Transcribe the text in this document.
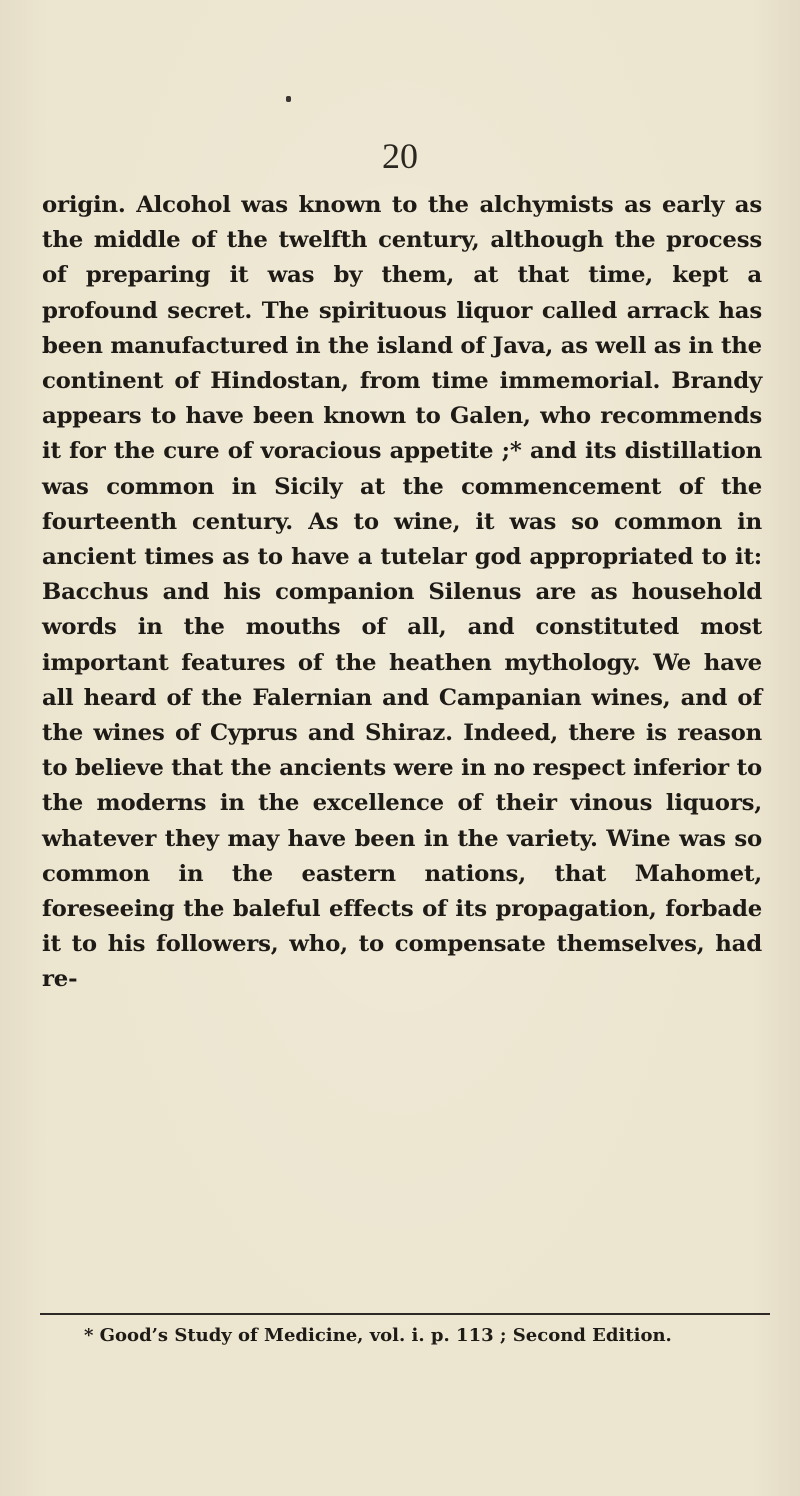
20

origin. Alcohol was known to the alchymists as early as the middle of the twelfth century, although the process of preparing it was by them, at that time, kept a profound secret. The spirituous liquor called arrack has been manufactured in the island of Java, as well as in the continent of Hindostan, from time immemorial. Brandy appears to have been known to Galen, who recommends it for the cure of voracious appetite ;* and its distillation was common in Sicily at the commencement of the fourteenth century. As to wine, it was so common in ancient times as to have a tutelar god appropriated to it: Bacchus and his companion Silenus are as household words in the mouths of all, and constituted most important features of the heathen mythology. We have all heard of the Falernian and Campanian wines, and of the wines of Cyprus and Shiraz. Indeed, there is reason to believe that the ancients were in no respect inferior to the moderns in the excellence of their vinous liquors, whatever they may have been in the variety. Wine was so common in the eastern nations, that Mahomet, foreseeing the baleful effects of its propagation, forbade it to his followers, who, to compensate themselves, had re-

* Good’s Study of Medicine, vol. i. p. 113 ; Second Edition.
